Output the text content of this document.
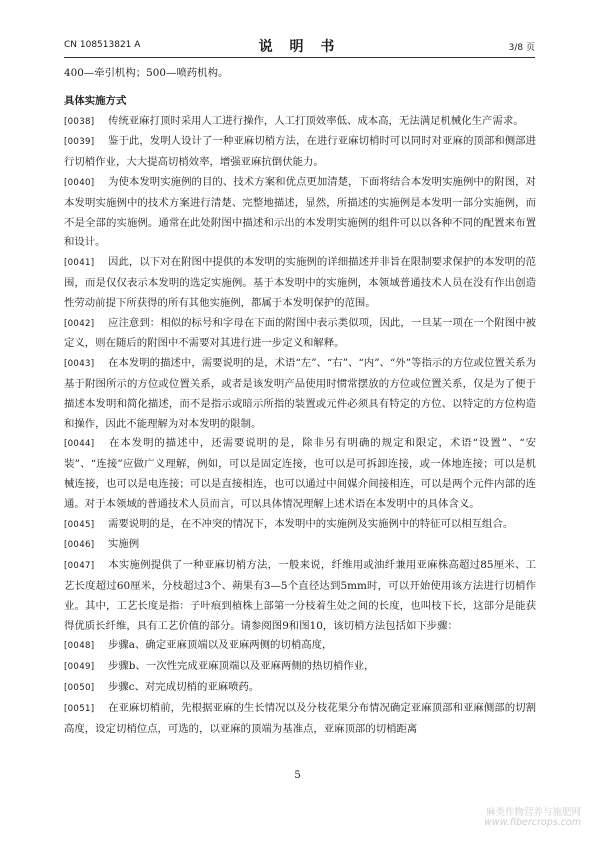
CN 108513821 A	说 明 书	3/8 页

400—牵引机构；500—喷药机构。

具体实施方式

[0038] 传统亚麻打顶时采用人工进行操作，人工打顶效率低、成本高，无法满足机械化生产需求。

[0039] 鉴于此，发明人设计了一种亚麻切梢方法，在进行亚麻切梢时可以同时对亚麻的顶部和侧部进行切梢作业，大大提高切梢效率，增强亚麻抗倒伏能力。

[0040] 为使本发明实施例的目的、技术方案和优点更加清楚，下面将结合本发明实施例中的附图，对本发明实施例中的技术方案进行清楚、完整地描述，显然，所描述的实施例是本发明一部分实施例，而不是全部的实施例。通常在此处附图中描述和示出的本发明实施例的组件可以以各种不同的配置来布置和设计。

[0041] 因此，以下对在附图中提供的本发明的实施例的详细描述并非旨在限制要求保护的本发明的范围，而是仅仅表示本发明的选定实施例。基于本发明中的实施例，本领域普通技术人员在没有作出创造性劳动前提下所获得的所有其他实施例，都属于本发明保护的范围。

[0042] 应注意到：相似的标号和字母在下面的附图中表示类似项，因此，一旦某一项在一个附图中被定义，则在随后的附图中不需要对其进行进一步定义和解释。

[0043] 在本发明的描述中，需要说明的是，术语“左”、“右”、“内”、“外”等指示的方位或位置关系为基于附图所示的方位或位置关系，或者是该发明产品使用时惯常摆放的方位或位置关系，仅是为了便于描述本发明和简化描述，而不是指示或暗示所指的装置或元件必须具有特定的方位、以特定的方位构造和操作，因此不能理解为对本发明的限制。

[0044] 在本发明的描述中，还需要说明的是，除非另有明确的规定和限定，术语“设置”、“安装”、“连接”应做广义理解，例如，可以是固定连接，也可以是可拆卸连接，或一体地连接；可以是机械连接，也可以是电连接；可以是直接相连，也可以通过中间媒介间接相连，可以是两个元件内部的连通。对于本领域的普通技术人员而言，可以具体情况理解上述术语在本发明中的具体含义。

[0045] 需要说明的是，在不冲突的情况下，本发明中的实施例及实施例中的特征可以相互组合。

[0046] 实施例

[0047] 本实施例提供了一种亚麻切梢方法，一般来说，纤维用或油纤兼用亚麻株高超过85厘米、工艺长度超过60厘米，分枝超过3个、蒴果有3—5个直径达到5mm时，可以开始使用该方法进行切梢作业。其中，工艺长度是指：子叶痕到植株上部第一分枝着生处之间的长度，也叫枝下长，这部分是能获得优质长纤维，具有工艺价值的部分。请参阅图9和图10，该切梢方法包括如下步骤：

[0048] 步骤a、确定亚麻顶端以及亚麻两侧的切梢高度，

[0049] 步骤b、一次性完成亚麻顶端以及亚麻两侧的热切梢作业，

[0050] 步骤c、对完成切梢的亚麻喷药。

[0051] 在亚麻切梢前，先根据亚麻的生长情况以及分枝花果分布情况确定亚麻顶部和亚麻侧部的切割高度，设定切梢位点，可选的，以亚麻的顶端为基准点，亚麻顶部的切梢距离

5
麻类作物营养与施肥网
www.fibercrops.com
